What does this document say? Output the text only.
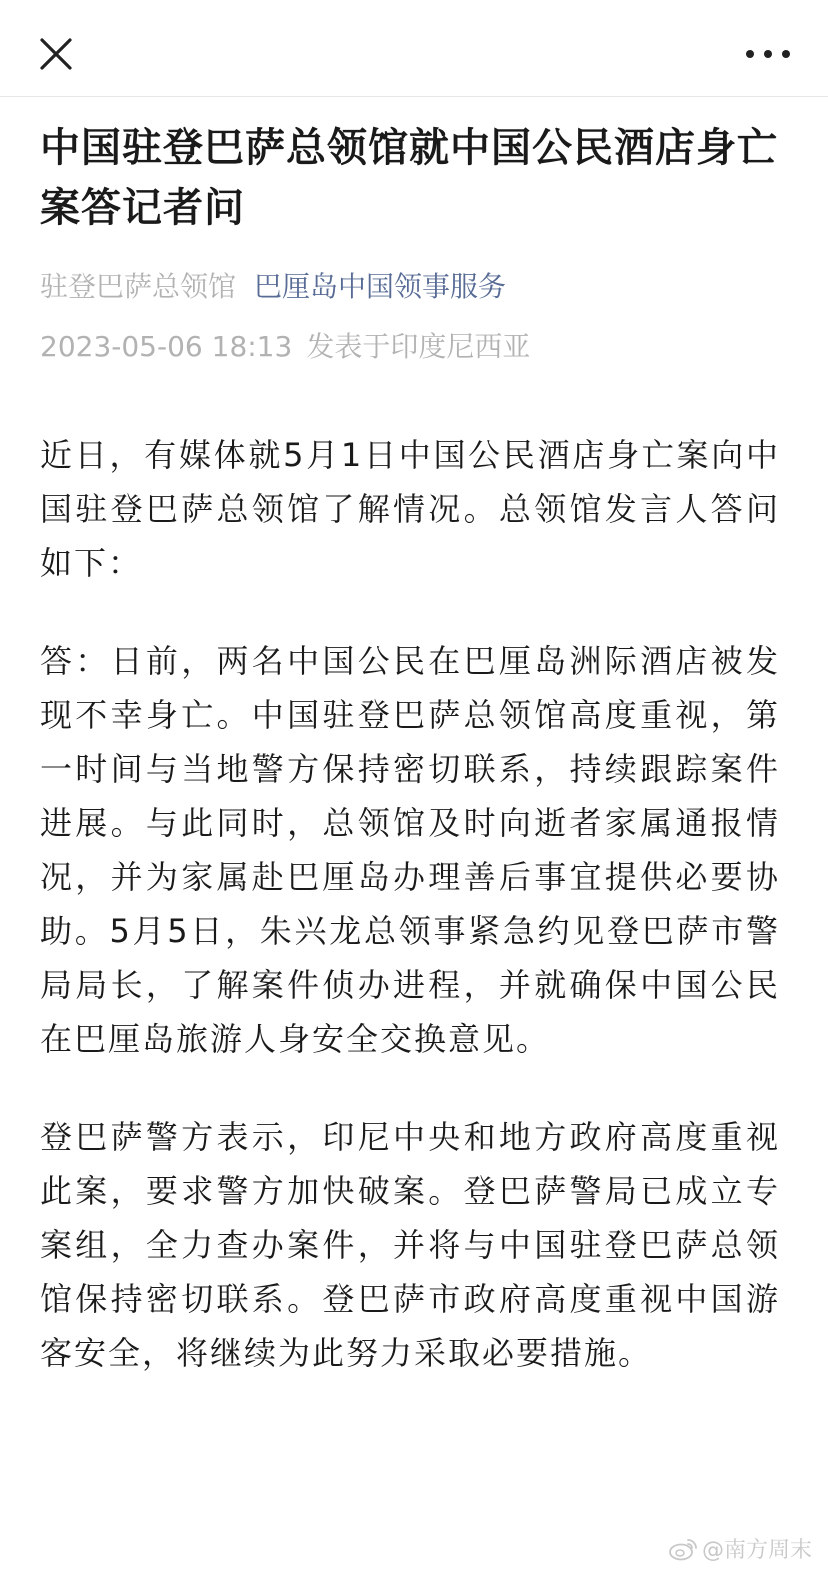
中国驻登巴萨总领馆就中国公民酒店身亡案答记者问
驻登巴萨总领馆 巴厘岛中国领事服务
2023-05-06 18:13 发表于印度尼西亚

近日，有媒体就5月1日中国公民酒店身亡案向中国驻登巴萨总领馆了解情况。总领馆发言人答问如下：

答：日前，两名中国公民在巴厘岛洲际酒店被发现不幸身亡。中国驻登巴萨总领馆高度重视，第一时间与当地警方保持密切联系，持续跟踪案件进展。与此同时，总领馆及时向逝者家属通报情况，并为家属赴巴厘岛办理善后事宜提供必要协助。5月5日，朱兴龙总领事紧急约见登巴萨市警局局长，了解案件侦办进程，并就确保中国公民在巴厘岛旅游人身安全交换意见。

登巴萨警方表示，印尼中央和地方政府高度重视此案，要求警方加快破案。登巴萨警局已成立专案组，全力查办案件，并将与中国驻登巴萨总领馆保持密切联系。登巴萨市政府高度重视中国游客安全，将继续为此努力采取必要措施。

@南方周末
